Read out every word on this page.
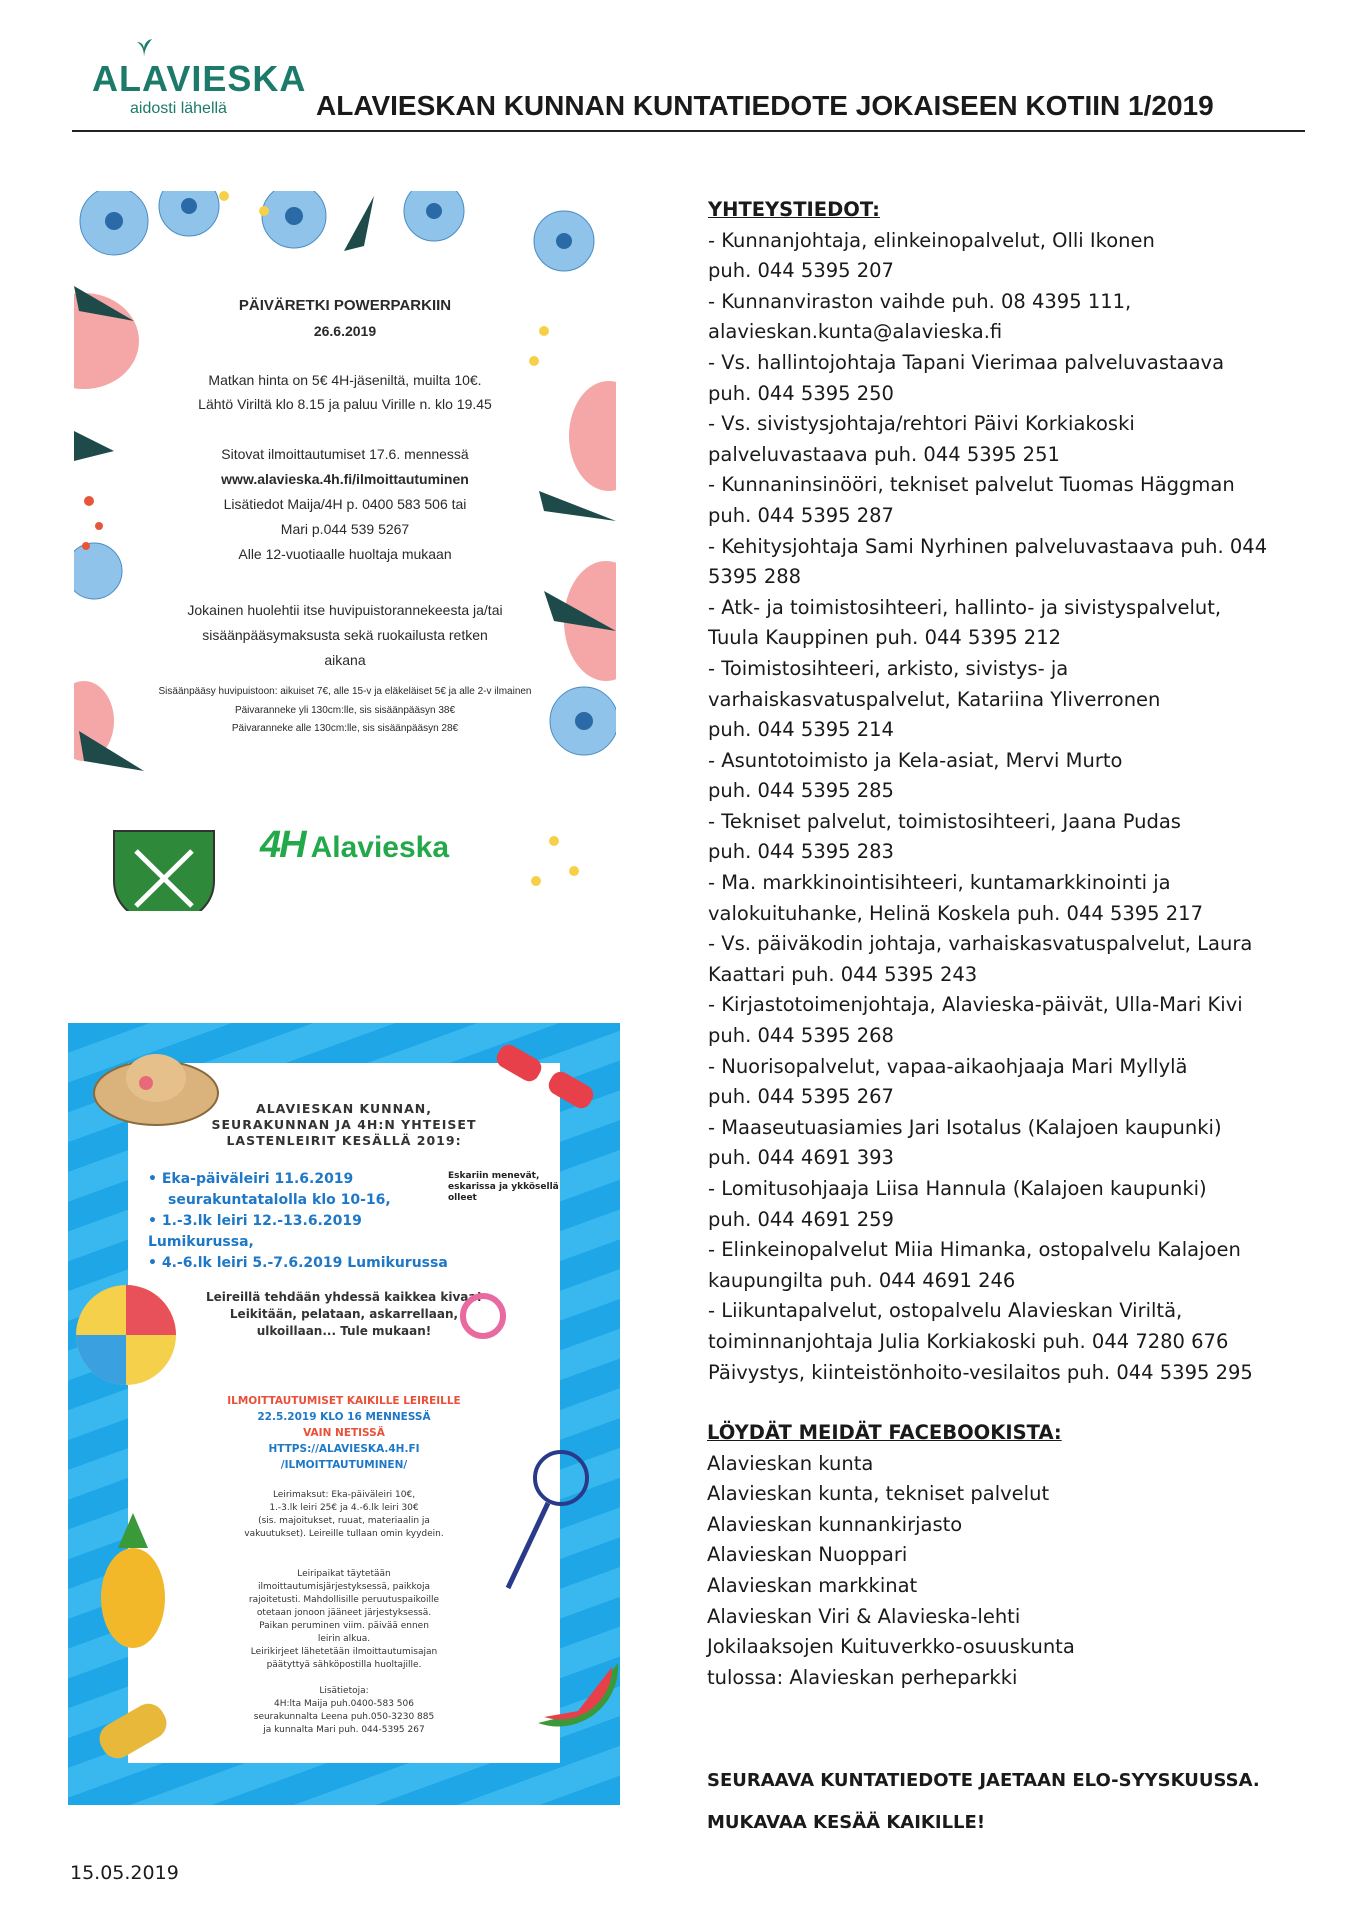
ALAVIESKA
aidosti lähellä	ALAVIESKAN KUNNAN KUNTATIEDOTE JOKAISEEN KOTIIN 1/2019
PÄIVÄRETKI POWERPARKIIN
26.6.2019
Matkan hinta on 5€ 4H-jäseniltä, muilta 10€.
Lähtö Viriltä klo 8.15 ja paluu Virille n. klo 19.45
Sitovat ilmoittautumiset 17.6. mennessä
www.alavieska.4h.fi/ilmoittautuminen
Lisätiedot Maija/4H p. 0400 583 506 tai
Mari p.044 539 5267
Alle 12-vuotiaalle huoltaja mukaan
Jokainen huolehtii itse huvipuistorannekeesta ja/tai
sisäänpääsymaksusta sekä ruokailusta retken
aikana
Sisäänpääsy huvipuistoon: aikuiset 7€, alle 15-v ja eläkeläiset 5€ ja alle 2-v ilmainen
Päivaranneke yli 130cm:lle, sis sisäänpääsyn 38€
Päivaranneke alle 130cm:lle, sis sisäänpääsyn 28€
4H Alavieska
ALAVIESKAN KUNNAN,
SEURAKUNNAN JA 4H:N YHTEISET
LASTENLEIRIT KESÄLLÄ 2019:
• Eka-päiväleiri 11.6.2019
seurakuntatalolla klo 10-16,
• 1.-3.lk leiri 12.-13.6.2019 Lumikurussa,
• 4.-6.lk leiri 5.-7.6.2019 Lumikurussa
Eskariin menevät, eskarissa ja ykkösellä olleet
Leireillä tehdään yhdessä kaikkea kivaa! Leikitään, pelataan, askarrellaan, ulkoillaan... Tule mukaan!
ILMOITTAUTUMISET KAIKILLE LEIREILLE
22.5.2019 KLO 16 MENNESSÄ
VAIN NETISSÄ
HTTPS://ALAVIESKA.4H.FI
/ILMOITTAUTUMINEN/
Leirimaksut: Eka-päiväleiri 10€,
1.-3.lk leiri 25€ ja 4.-6.lk leiri 30€
(sis. majoitukset, ruuat, materiaalin ja
vakuutukset). Leireille tullaan omin kyydein.
Leiripaikat täytetään
ilmoittautumisjärjestyksessä, paikkoja
rajoitetusti. Mahdollisille peruutuspaikoille
otetaan jonoon jääneet järjestyksessä.
Paikan peruminen viim. päivää ennen
leirin alkua.
Leirikirjeet lähetetään ilmoittautumisajan
päätyttyä sähköpostilla huoltajille.
Lisätietoja:
4H:lta Maija puh.0400-583 506
seurakunnalta Leena puh.050-3230 885
ja kunnalta Mari puh. 044-5395 267
YHTEYSTIEDOT:
- Kunnanjohtaja, elinkeinopalvelut, Olli Ikonen
puh. 044 5395 207
- Kunnanviraston vaihde puh. 08 4395 111,
alavieskan.kunta@alavieska.fi
- Vs. hallintojohtaja Tapani Vierimaa palveluvastaava
puh. 044 5395 250
- Vs. sivistysjohtaja/rehtori Päivi Korkiakoski
palveluvastaava puh. 044 5395 251
- Kunnaninsinööri, tekniset palvelut Tuomas Häggman
puh. 044 5395 287
- Kehitysjohtaja Sami Nyrhinen palveluvastaava puh. 044
5395 288
- Atk- ja toimistosihteeri, hallinto- ja sivistyspalvelut,
Tuula Kauppinen puh. 044 5395 212
- Toimistosihteeri, arkisto, sivistys- ja
varhaiskasvatuspalvelut, Katariina Yliverronen
puh. 044 5395 214
- Asuntotoimisto ja Kela-asiat, Mervi Murto
puh. 044 5395 285
- Tekniset palvelut, toimistosihteeri, Jaana Pudas
puh. 044 5395 283
- Ma. markkinointisihteeri, kuntamarkkinointi ja
valokuituhanke, Helinä Koskela puh. 044 5395 217
- Vs. päiväkodin johtaja, varhaiskasvatuspalvelut, Laura
Kaattari puh. 044 5395 243
- Kirjastotoimenjohtaja, Alavieska-päivät, Ulla-Mari Kivi
puh. 044 5395 268
- Nuorisopalvelut, vapaa-aikaohjaaja Mari Myllylä
puh. 044 5395 267
- Maaseutuasiamies Jari Isotalus (Kalajoen kaupunki)
puh. 044 4691 393
- Lomitusohjaaja Liisa Hannula (Kalajoen kaupunki)
puh. 044 4691 259
- Elinkeinopalvelut Miia Himanka, ostopalvelu Kalajoen
kaupungilta puh. 044 4691 246
- Liikuntapalvelut, ostopalvelu Alavieskan Viriltä,
toiminnanjohtaja Julia Korkiakoski puh. 044 7280 676
Päivystys, kiinteistönhoito-vesilaitos puh. 044 5395 295
LÖYDÄT MEIDÄT FACEBOOKISTA:
Alavieskan kunta
Alavieskan kunta, tekniset palvelut
Alavieskan kunnankirjasto
Alavieskan Nuoppari
Alavieskan markkinat
Alavieskan Viri & Alavieska-lehti
Jokilaaksojen Kuituverkko-osuuskunta
tulossa: Alavieskan perheparkki
SEURAAVA KUNTATIEDOTE JAETAAN ELO-SYYSKUUSSA.
MUKAVAA KESÄÄ KAIKILLE!
15.05.2019
